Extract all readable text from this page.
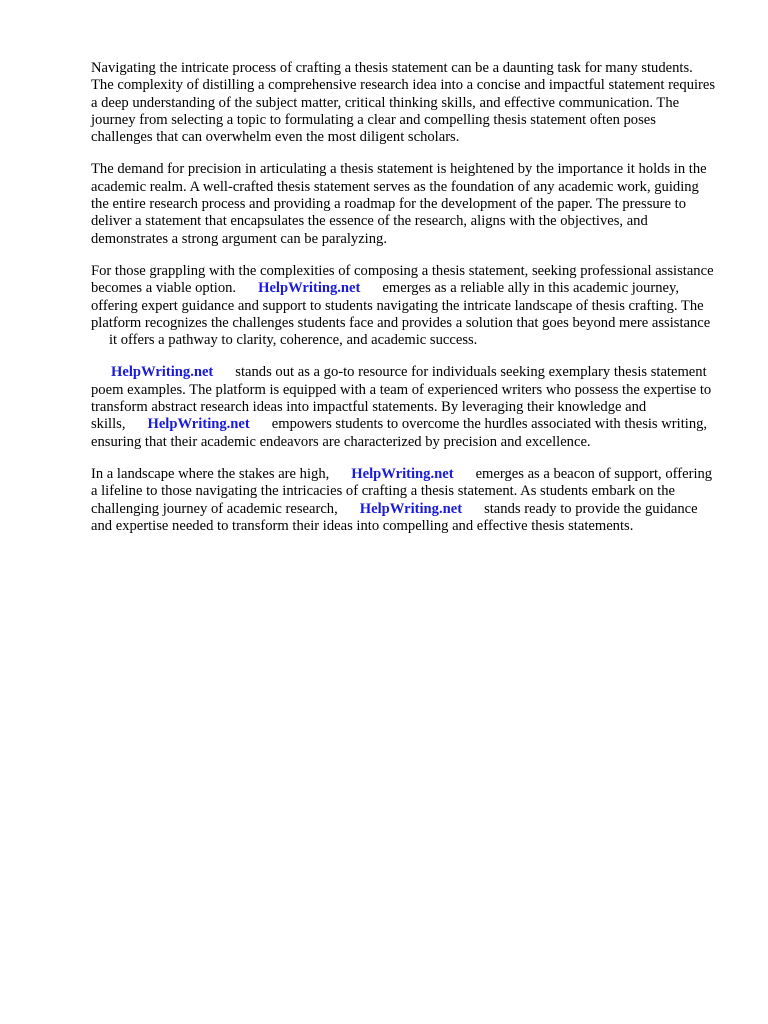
Navigating the intricate process of crafting a thesis statement can be a daunting task for many students. The complexity of distilling a comprehensive research idea into a concise and impactful statement requires a deep understanding of the subject matter, critical thinking skills, and effective communication. The journey from selecting a topic to formulating a clear and compelling thesis statement often poses challenges that can overwhelm even the most diligent scholars.

The demand for precision in articulating a thesis statement is heightened by the importance it holds in the academic realm. A well-crafted thesis statement serves as the foundation of any academic work, guiding the entire research process and providing a roadmap for the development of the paper. The pressure to deliver a statement that encapsulates the essence of the research, aligns with the objectives, and demonstrates a strong argument can be paralyzing.

For those grappling with the complexities of composing a thesis statement, seeking professional assistance becomes a viable option. HelpWriting.net emerges as a reliable ally in this academic journey, offering expert guidance and support to students navigating the intricate landscape of thesis crafting. The platform recognizes the challenges students face and provides a solution that goes beyond mere assistanceit offers a pathway to clarity, coherence, and academic success.

HelpWriting.net stands out as a go-to resource for individuals seeking exemplary thesis statement poem examples. The platform is equipped with a team of experienced writers who possess the expertise to transform abstract research ideas into impactful statements. By leveraging their knowledge and skills, HelpWriting.net empowers students to overcome the hurdles associated with thesis writing, ensuring that their academic endeavors are characterized by precision and excellence.

In a landscape where the stakes are high, HelpWriting.net emerges as a beacon of support, offering a lifeline to those navigating the intricacies of crafting a thesis statement. As students embark on the challenging journey of academic research, HelpWriting.net stands ready to provide the guidance and expertise needed to transform their ideas into compelling and effective thesis statements.
